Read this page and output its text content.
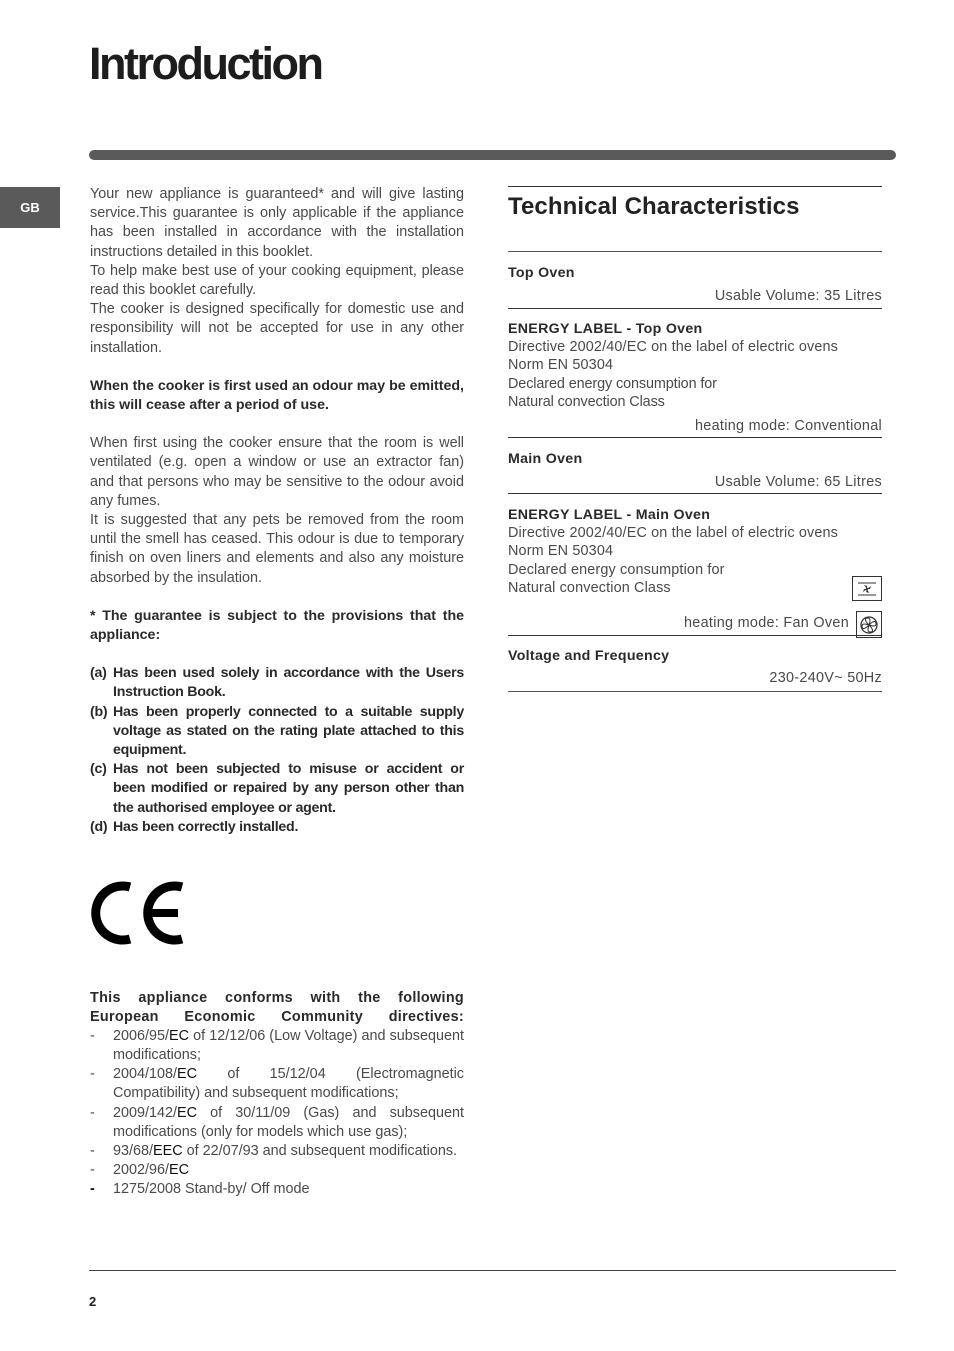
Introduction
GB

Your new appliance is guaranteed* and will give lasting service.This guarantee is only applicable if the appliance has been installed in accordance with the installation instructions detailed in this booklet.

To help make best use of your cooking equipment, please read this booklet carefully.

The cooker is designed specifically for domestic use and responsibility will not be accepted for use in any other installation.

When the cooker is first used an odour may be emitted, this will cease after a period of use.

When first using the cooker ensure that the room is well ventilated (e.g. open a window or use an extractor fan) and that persons who may be sensitive to the odour avoid any fumes.

It is suggested that any pets be removed from the room until the smell has ceased. This odour is due to temporary finish on oven liners and elements and also any moisture absorbed by the insulation.

* The guarantee is subject to the provisions that the appliance:

(a) Has been used solely in accordance with the Users Instruction Book.
(b) Has been properly connected to a suitable supply voltage as stated on the rating plate attached to this equipment.
(c) Has not been subjected to misuse or accident or been modified or repaired by any person other than the authorised employee or agent.
(d) Has been correctly installed.
This appliance conforms with the following
European Economic Community directives:
-	2006/95/EC of 12/12/06 (Low Voltage) and subsequent modifications;
-	2004/108/EC of 15/12/04 (Electromagnetic Compatibility) and subsequent modifications;
-	2009/142/EC of 30/11/09 (Gas) and subsequent modifications (only for models which use gas);
-	93/68/EEC of 22/07/93 and subsequent modifications.
-	2002/96/EC
-	1275/2008 Stand-by/ Off mode
Technical Characteristics
Top Oven
Usable Volume: 35 Litres
ENERGY LABEL - Top Oven
Directive 2002/40/EC on the label of electric ovens
Norm EN 50304
Declared energy consumption for
Natural convection Class
heating mode: Conventional
Main Oven
Usable Volume: 65 Litres
ENERGY LABEL - Main Oven
Directive 2002/40/EC on the label of electric ovens
Norm EN 50304
Declared energy consumption for
Natural convection Class
heating mode: Fan Oven
Voltage and Frequency
230-240V~ 50Hz
2
